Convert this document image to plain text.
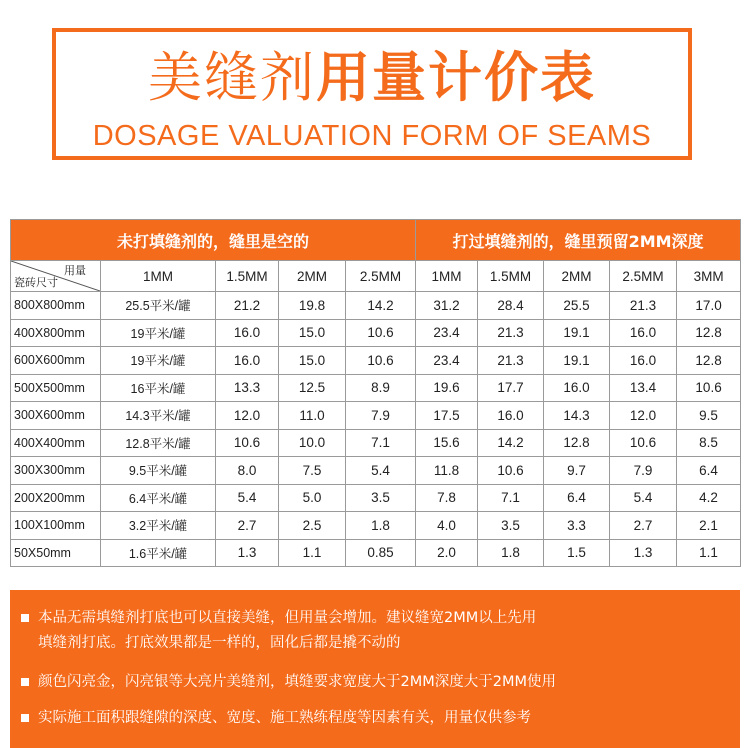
美缝剂用量计价表
DOSAGE VALUATION FORM OF SEAMS
未打填缝剂的，缝里是空的					打过填缝剂的，缝里预留2MM深度				

用量
瓷砖尺寸	1MM	1.5MM	2MM	2.5MM	1MM	1.5MM	2MM	2.5MM	3MM
800X800mm	25.5平米/罐	21.2	19.8	14.2	31.2	28.4	25.5	21.3	17.0
400X800mm	19平米/罐	16.0	15.0	10.6	23.4	21.3	19.1	16.0	12.8
600X600mm	19平米/罐	16.0	15.0	10.6	23.4	21.3	19.1	16.0	12.8
500X500mm	16平米/罐	13.3	12.5	8.9	19.6	17.7	16.0	13.4	10.6
300X600mm	14.3平米/罐	12.0	11.0	7.9	17.5	16.0	14.3	12.0	9.5
400X400mm	12.8平米/罐	10.6	10.0	7.1	15.6	14.2	12.8	10.6	8.5
300X300mm	9.5平米/罐	8.0	7.5	5.4	11.8	10.6	9.7	7.9	6.4
200X200mm	6.4平米/罐	5.4	5.0	3.5	7.8	7.1	6.4	5.4	4.2
100X100mm	3.2平米/罐	2.7	2.5	1.8	4.0	3.5	3.3	2.7	2.1
50X50mm	1.6平米/罐	1.3	1.1	0.85	2.0	1.8	1.5	1.3	1.1
本品无需填缝剂打底也可以直接美缝，但用量会增加。建议缝宽2MM以上先用
填缝剂打底。打底效果都是一样的，固化后都是撬不动的
颜色闪亮金，闪亮银等大亮片美缝剂，填缝要求宽度大于2MM深度大于2MM使用
实际施工面积跟缝隙的深度、宽度、施工熟练程度等因素有关，用量仅供参考
